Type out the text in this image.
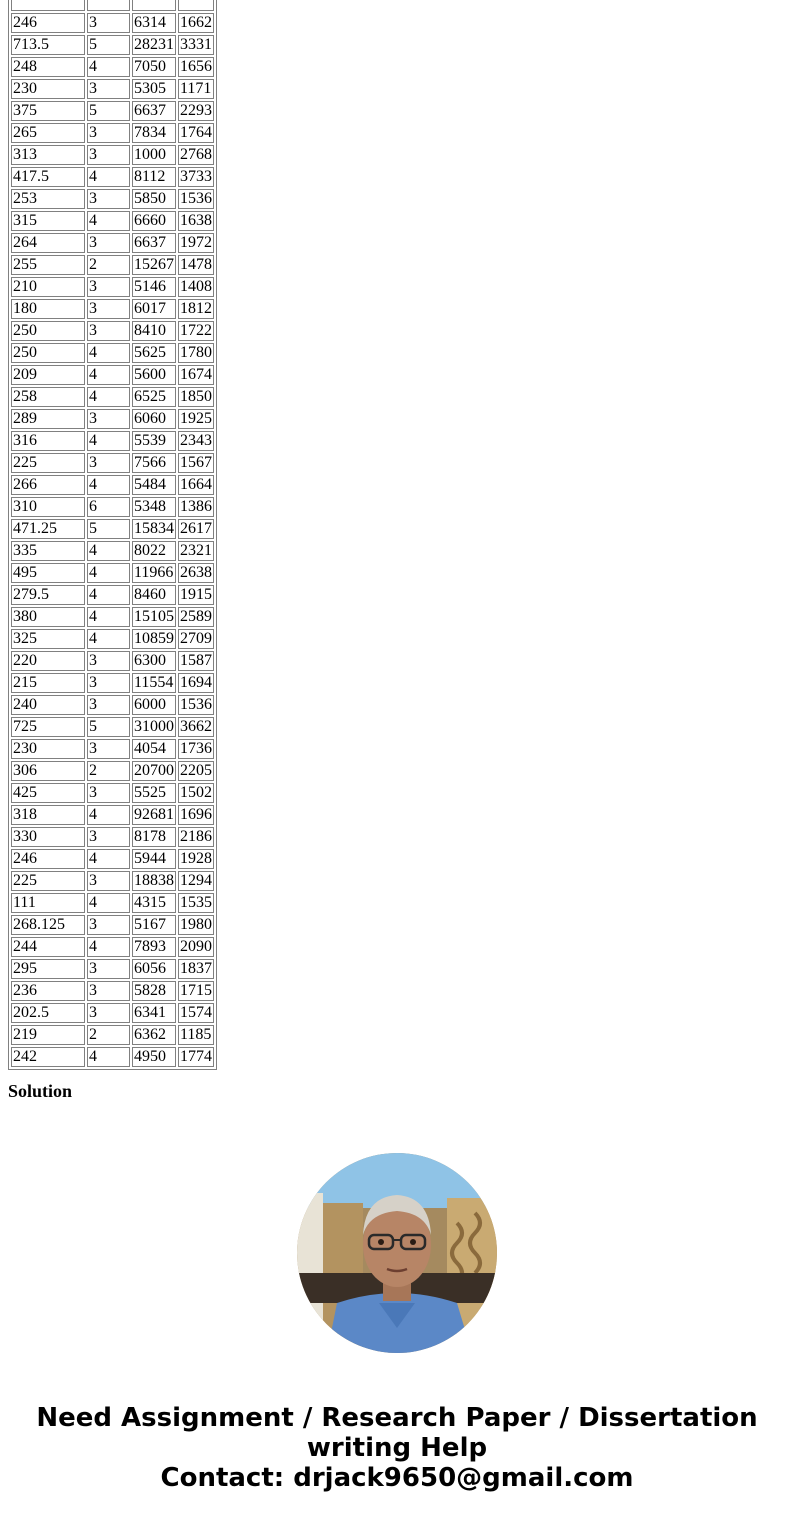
246	3	6314	1662
713.5	5	28231	3331
248	4	7050	1656
230	3	5305	1171
375	5	6637	2293
265	3	7834	1764
313	3	1000	2768
417.5	4	8112	3733
253	3	5850	1536
315	4	6660	1638
264	3	6637	1972
255	2	15267	1478
210	3	5146	1408
180	3	6017	1812
250	3	8410	1722
250	4	5625	1780
209	4	5600	1674
258	4	6525	1850
289	3	6060	1925
316	4	5539	2343
225	3	7566	1567
266	4	5484	1664
310	6	5348	1386
471.25	5	15834	2617
335	4	8022	2321
495	4	11966	2638
279.5	4	8460	1915
380	4	15105	2589
325	4	10859	2709
220	3	6300	1587
215	3	11554	1694
240	3	6000	1536
725	5	31000	3662
230	3	4054	1736
306	2	20700	2205
425	3	5525	1502
318	4	92681	1696
330	3	8178	2186
246	4	5944	1928
225	3	18838	1294
111	4	4315	1535
268.125	3	5167	1980
244	4	7893	2090
295	3	6056	1837
236	3	5828	1715
202.5	3	6341	1574
219	2	6362	1185
242	4	4950	1774
Solution
Need Assignment / Research Paper / Dissertation
writing Help
Contact: drjack9650@gmail.com
